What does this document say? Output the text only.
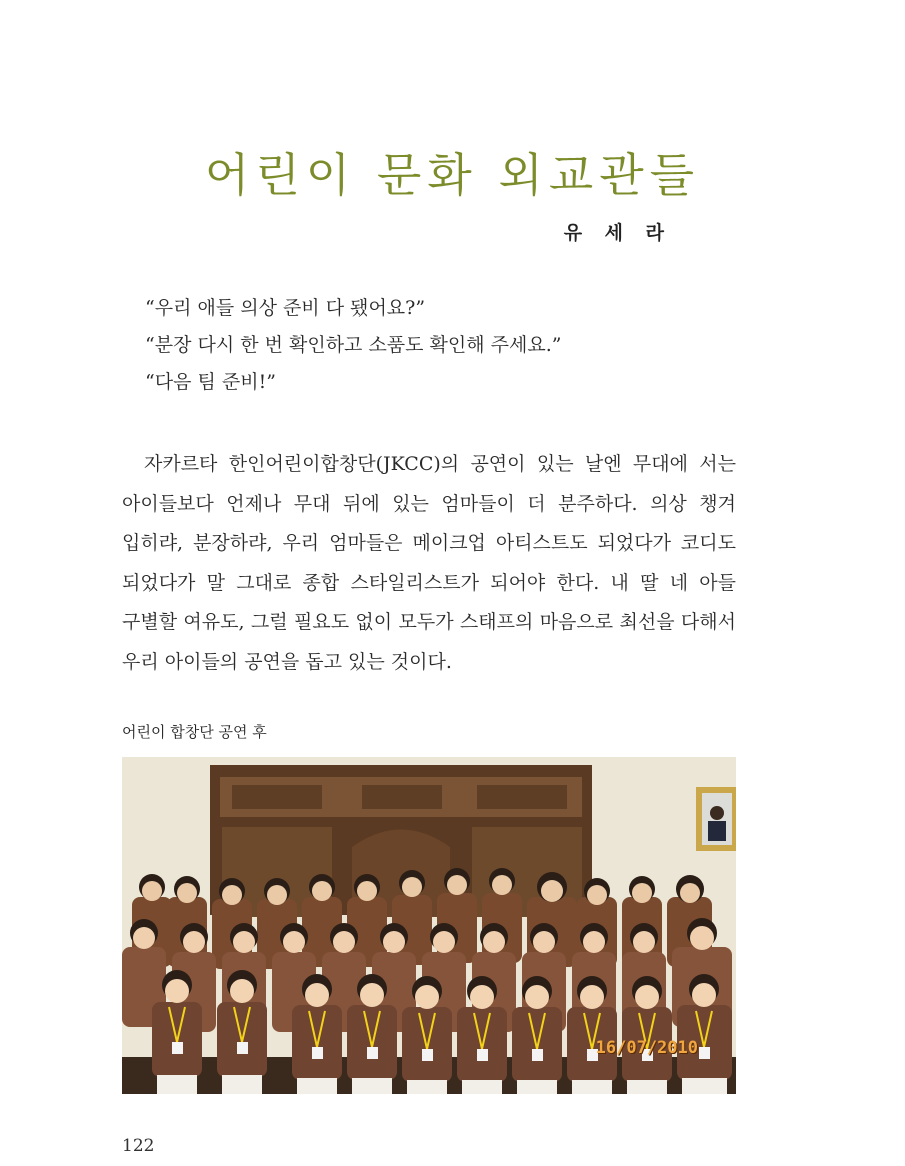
어린이 문화 외교관들
유 세 라
“우리 애들 의상 준비 다 됐어요?”
“분장 다시 한 번 확인하고 소품도 확인해 주세요.”
“다음 팀 준비!”

자카르타 한인어린이합창단(JKCC)의 공연이 있는 날엔 무대에 서는 아이들보다 언제나 무대 뒤에 있는 엄마들이 더 분주하다. 의상 챙겨 입히랴, 분장하랴, 우리 엄마들은 메이크업 아티스트도 되었다가 코디도 되었다가 말 그대로 종합 스타일리스트가 되어야 한다. 내 딸 네 아들 구별할 여유도, 그럴 필요도 없이 모두가 스태프의 마음으로 최선을 다해서 우리 아이들의 공연을 돕고 있는 것이다.

어린이 합창단 공연 후
16/07/2010
122
